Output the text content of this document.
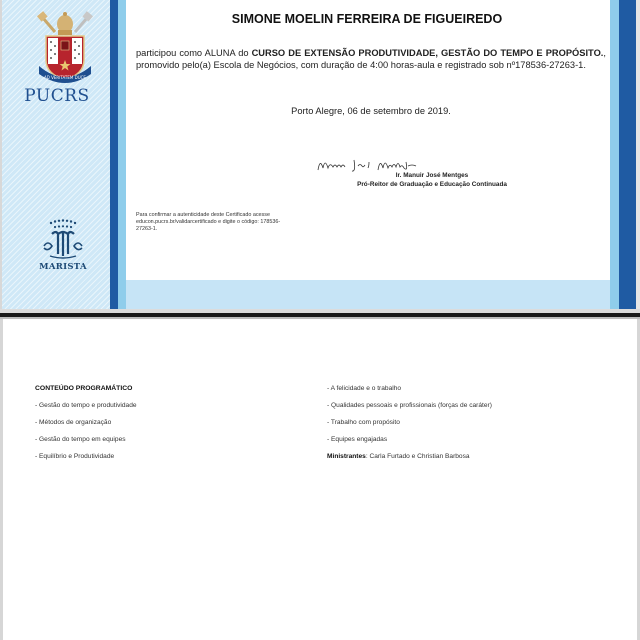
AD VERITATEM DUCE
PUCRS
MARISTA
SIMONE MOELIN FERREIRA DE FIGUEIREDO
participou como ALUNA do CURSO DE EXTENSÃO PRODUTIVIDADE, GESTÃO DO TEMPO E PROPÓSITO., promovido pelo(a) Escola de Negócios, com duração de 4:00 horas-aula e registrado sob nº178536-27263-1.
Porto Alegre, 06 de setembro de 2019.
Ir. Manuir José Mentges
Pró-Reitor de Graduação e Educação Continuada
Para confirmar a autenticidade deste Certificado acesse educon.pucrs.br/validarcertificado e digite o código: 178536-27263-1.
CONTEÚDO PROGRAMÁTICO
- Gestão do tempo e produtividade
- Métodos de organização
- Gestão do tempo em equipes
- Equilíbrio e Produtividade
- A felicidade e o trabalho
- Qualidades pessoais e profissionais (forças de caráter)
- Trabalho com propósito
- Equipes engajadas
Ministrantes: Carla Furtado e Christian Barbosa
